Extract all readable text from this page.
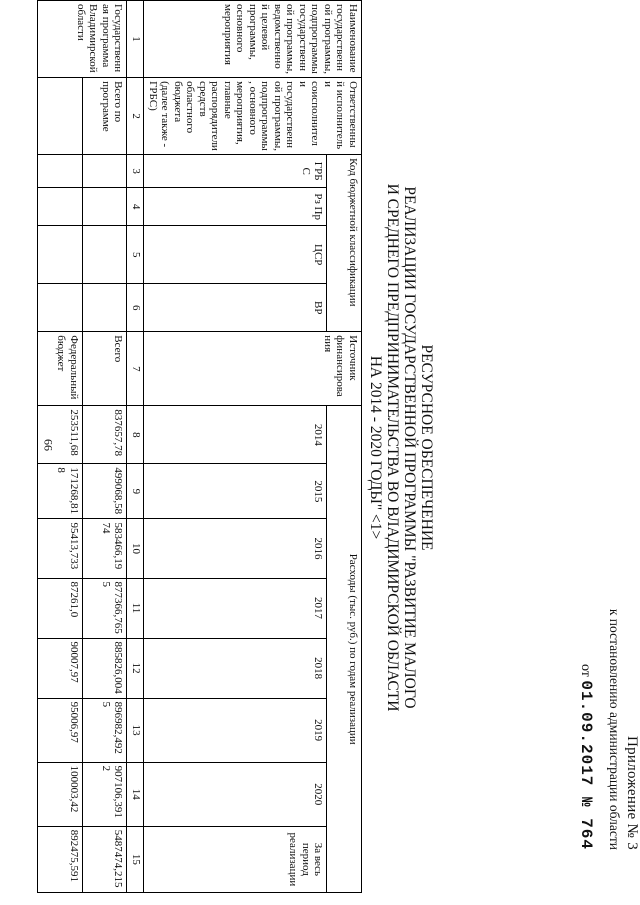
66
Приложение № 3
к постановлению администрации области
от 01.09.2017 № 764
РЕСУРСНОЕ ОБЕСПЕЧЕНИЕ
РЕАЛИЗАЦИИ ГОСУДАРСТВЕННОЙ ПРОГРАММЫ "РАЗВИТИЕ МАЛОГО
И СРЕДНЕГО ПРЕДПРИНИМАТЕЛЬСТВА ВО ВЛАДИМИРСКОЙ ОБЛАСТИ
НА 2014 - 2020 ГОДЫ" <1>
Наименование государственной программы, подпрограммы государственной программы, ведомственной целевой программы, основного мероприятия	Ответственный исполнитель и соисполнители государственной программы, подпрограммы, основного мероприятия, главные распорядители средств областного бюджета (далее также - ГРБС)	Код бюджетной классификации				Источник финансирования	Расходы (тыс. руб.) по годам реализации							
		ГРБС	Рз Пр	ЦСР	ВР		2014	2015	2016	2017	2018	2019	2020	За весь период реализации
1	2	3	4	5	6	7	8	9	10	11	12	13	14	15
Государственная программа Владимирской области	Всего по программе					Всего	837657,78	499068,58	583466,1974	877366,7655	885826,004	896982,4925	907106,3912	5487474,215
						Федеральный бюджет	253511,68	171268,818	95413,733	87261,0	90007,97	95006,97	100003,42	892475,591
